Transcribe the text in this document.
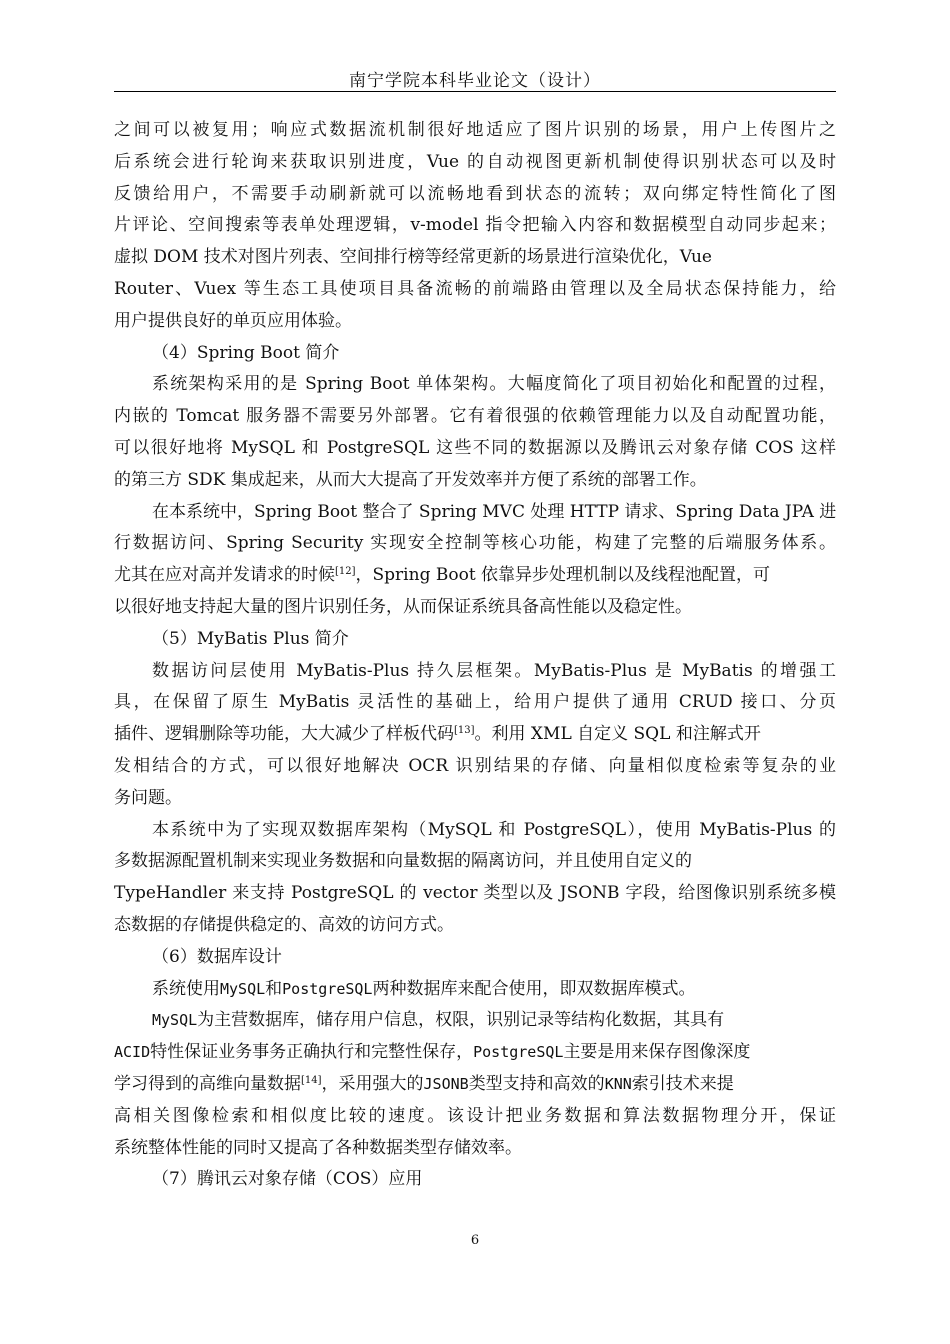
南宁学院本科毕业论文（设计）
之间可以被复用；响应式数据流机制很好地适应了图片识别的场景，用户上传图片之
后系统会进行轮询来获取识别进度，Vue 的自动视图更新机制使得识别状态可以及时
反馈给用户，不需要手动刷新就可以流畅地看到状态的流转；双向绑定特性简化了图
片评论、空间搜索等表单处理逻辑，v-model 指令把输入内容和数据模型自动同步起来；
虚拟 DOM 技术对图片列表、空间排行榜等经常更新的场景进行渲染优化，Vue
Router、Vuex 等生态工具使项目具备流畅的前端路由管理以及全局状态保持能力，给
用户提供良好的单页应用体验。
（4）Spring Boot 简介
系统架构采用的是 Spring Boot 单体架构。大幅度简化了项目初始化和配置的过程，
内嵌的 Tomcat 服务器不需要另外部署。它有着很强的依赖管理能力以及自动配置功能，
可以很好地将 MySQL 和 PostgreSQL 这些不同的数据源以及腾讯云对象存储 COS 这样
的第三方 SDK 集成起来，从而大大提高了开发效率并方便了系统的部署工作。
在本系统中，Spring Boot 整合了 Spring MVC 处理 HTTP 请求、Spring Data JPA 进
行数据访问、Spring Security 实现安全控制等核心功能，构建了完整的后端服务体系。
尤其在应对高并发请求的时候[12]，Spring Boot 依靠异步处理机制以及线程池配置，可
以很好地支持起大量的图片识别任务，从而保证系统具备高性能以及稳定性。
（5）MyBatis Plus 简介
数据访问层使用 MyBatis-Plus 持久层框架。MyBatis-Plus 是 MyBatis 的增强工
具，在保留了原生 MyBatis 灵活性的基础上，给用户提供了通用 CRUD 接口、分页
插件、逻辑删除等功能，大大减少了样板代码[13]。利用 XML 自定义 SQL 和注解式开
发相结合的方式，可以很好地解决 OCR 识别结果的存储、向量相似度检索等复杂的业
务问题。
本系统中为了实现双数据库架构（MySQL 和 PostgreSQL），使用 MyBatis-Plus 的
多数据源配置机制来实现业务数据和向量数据的隔离访问，并且使用自定义的
TypeHandler 来支持 PostgreSQL 的 vector 类型以及 JSONB 字段，给图像识别系统多模
态数据的存储提供稳定的、高效的访问方式。
（6）数据库设计
系统使用MySQL和PostgreSQL两种数据库来配合使用，即双数据库模式。
MySQL为主营数据库，储存用户信息，权限，识别记录等结构化数据，其具有
ACID特性保证业务事务正确执行和完整性保存，PostgreSQL主要是用来保存图像深度
学习得到的高维向量数据[14]，采用强大的JSONB类型支持和高效的KNN索引技术来提
高相关图像检索和相似度比较的速度。该设计把业务数据和算法数据物理分开，保证
系统整体性能的同时又提高了各种数据类型存储效率。
（7）腾讯云对象存储（COS）应用
6
